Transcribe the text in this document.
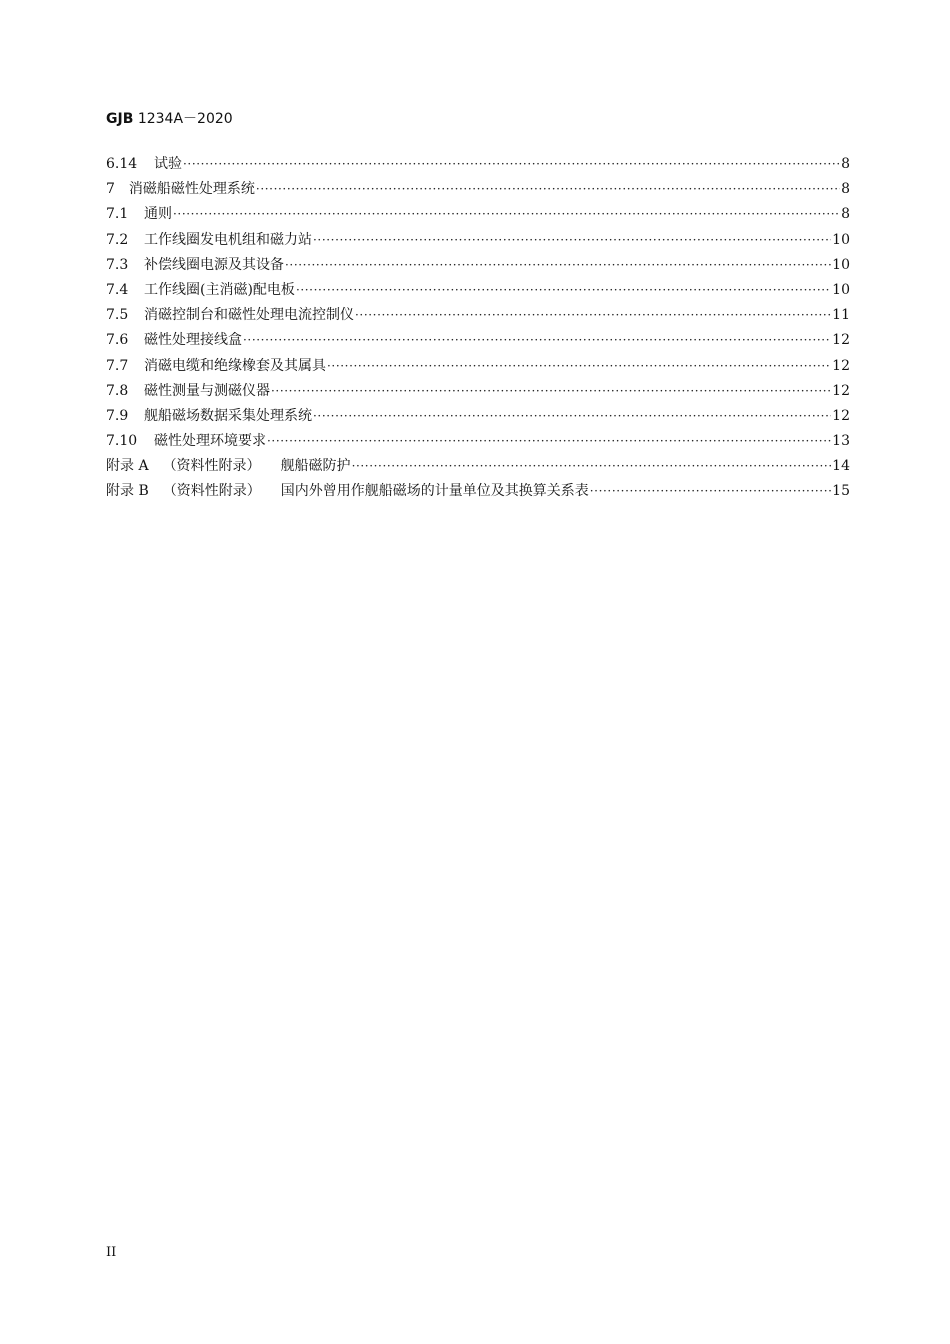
GJB 1234A－2020
6.14	试验 ·····	8
7	消磁船磁性处理系统 ·····	8
7.1	通则 ·····	8
7.2	工作线圈发电机组和磁力站 ·····	10
7.3	补偿线圈电源及其设备 ·····	10
7.4	工作线圈(主消磁)配电板 ·····	10
7.5	消磁控制台和磁性处理电流控制仪 ·····	11
7.6	磁性处理接线盒 ·····	12
7.7	消磁电缆和绝缘橡套及其属具 ·····	12
7.8	磁性测量与测磁仪器 ·····	12
7.9	舰船磁场数据采集处理系统 ·····	12
7.10	磁性处理环境要求 ·····	13
附录 A	（资料性附录）	舰船磁防护 ·····	14
附录 B	（资料性附录）	国内外曾用作舰船磁场的计量单位及其换算关系表 ·····	15
II
